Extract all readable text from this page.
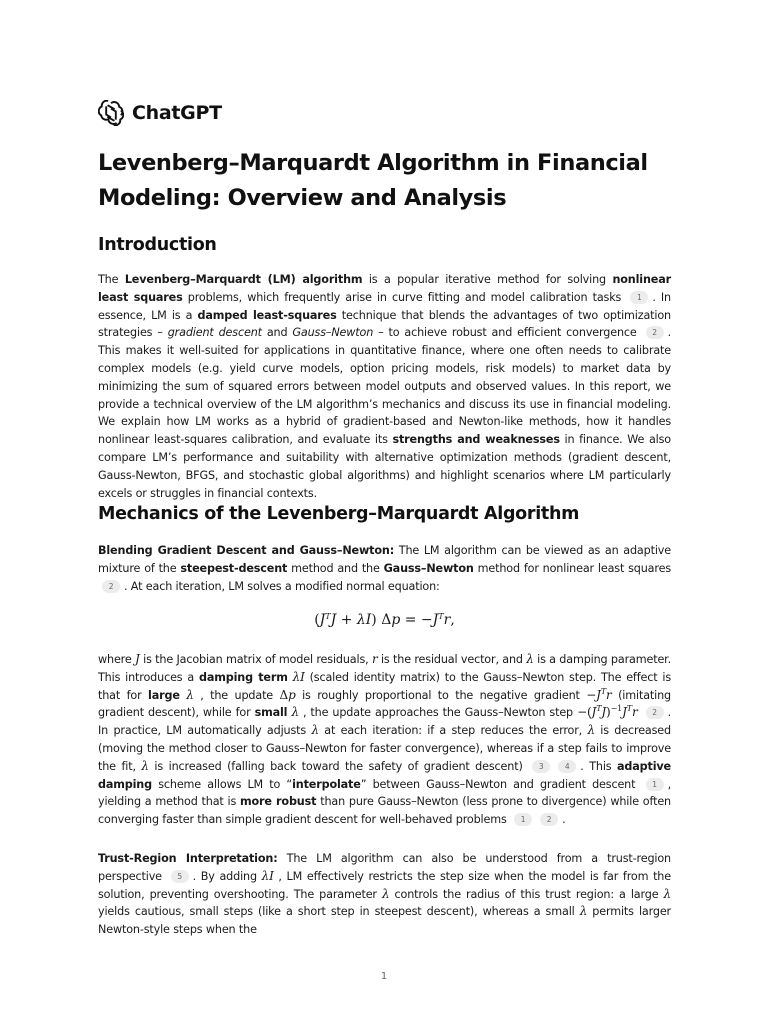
ChatGPT
Levenberg–Marquardt Algorithm in Financial Modeling: Overview and Analysis
Introduction

The Levenberg–Marquardt (LM) algorithm is a popular iterative method for solving nonlinear least squares problems, which frequently arise in curve fitting and model calibration tasks 1 . In essence, LM is a damped least-squares technique that blends the advantages of two optimization strategies – gradient descent and Gauss–Newton – to achieve robust and efficient convergence 2 . This makes it well-suited for applications in quantitative finance, where one often needs to calibrate complex models (e.g. yield curve models, option pricing models, risk models) to market data by minimizing the sum of squared errors between model outputs and observed values. In this report, we provide a technical overview of the LM algorithm’s mechanics and discuss its use in financial modeling. We explain how LM works as a hybrid of gradient-based and Newton-like methods, how it handles nonlinear least-squares calibration, and evaluate its strengths and weaknesses in finance. We also compare LM’s performance and suitability with alternative optimization methods (gradient descent, Gauss-Newton, BFGS, and stochastic global algorithms) and highlight scenarios where LM particularly excels or struggles in financial contexts.

Mechanics of the Levenberg–Marquardt Algorithm

Blending Gradient Descent and Gauss–Newton: The LM algorithm can be viewed as an adaptive mixture of the steepest-descent method and the Gauss–Newton method for nonlinear least squares 2 . At each iteration, LM solves a modified normal equation:

$(J^TJ + \lambda I) \Delta p = -J^Tr$,

where J is the Jacobian matrix of model residuals, r is the residual vector, and λ is a damping parameter. This introduces a damping term λI (scaled identity matrix) to the Gauss–Newton step. The effect is that for large λ , the update Δp is roughly proportional to the negative gradient $-J^Tr$ (imitating gradient descent), while for small λ , the update approaches the Gauss–Newton step $-(J^TJ)^{-1}J^Tr$ 2 . In practice, LM automatically adjusts λ at each iteration: if a step reduces the error, λ is decreased (moving the method closer to Gauss–Newton for faster convergence), whereas if a step fails to improve the fit, λ is increased (falling back toward the safety of gradient descent) 3	4 . This adaptive damping scheme allows LM to “interpolate” between Gauss–Newton and gradient descent 1 , yielding a method that is more robust than pure Gauss–Newton (less prone to divergence) while often converging faster than simple gradient descent for well-behaved problems 1	2 .

Trust-Region Interpretation: The LM algorithm can also be understood from a trust-region perspective 5 . By adding λI , LM effectively restricts the step size when the model is far from the solution, preventing overshooting. The parameter λ controls the radius of this trust region: a large λ yields cautious, small steps (like a short step in steepest descent), whereas a small λ permits larger Newton-style steps when the

1
